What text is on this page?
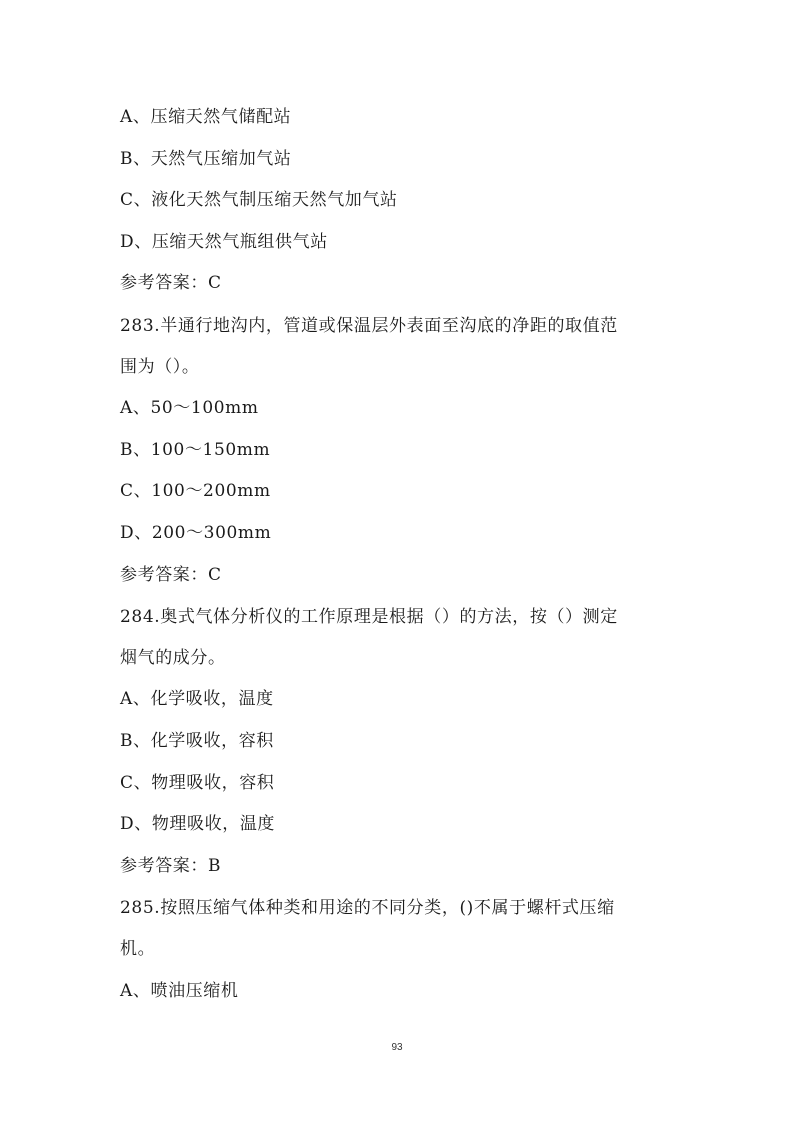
A、压缩天然气储配站
B、天然气压缩加气站
C、液化天然气制压缩天然气加气站
D、压缩天然气瓶组供气站
参考答案：C
283.半通行地沟内，管道或保温层外表面至沟底的净距的取值范
围为（）。
A、50～100mm
B、100～150mm
C、100～200mm
D、200～300mm
参考答案：C
284.奥式气体分析仪的工作原理是根据（）的方法，按（）测定
烟气的成分。
A、化学吸收，温度
B、化学吸收，容积
C、物理吸收，容积
D、物理吸收，温度
参考答案：B
285.按照压缩气体种类和用途的不同分类，()不属于螺杆式压缩
机。
A、喷油压缩机
93
